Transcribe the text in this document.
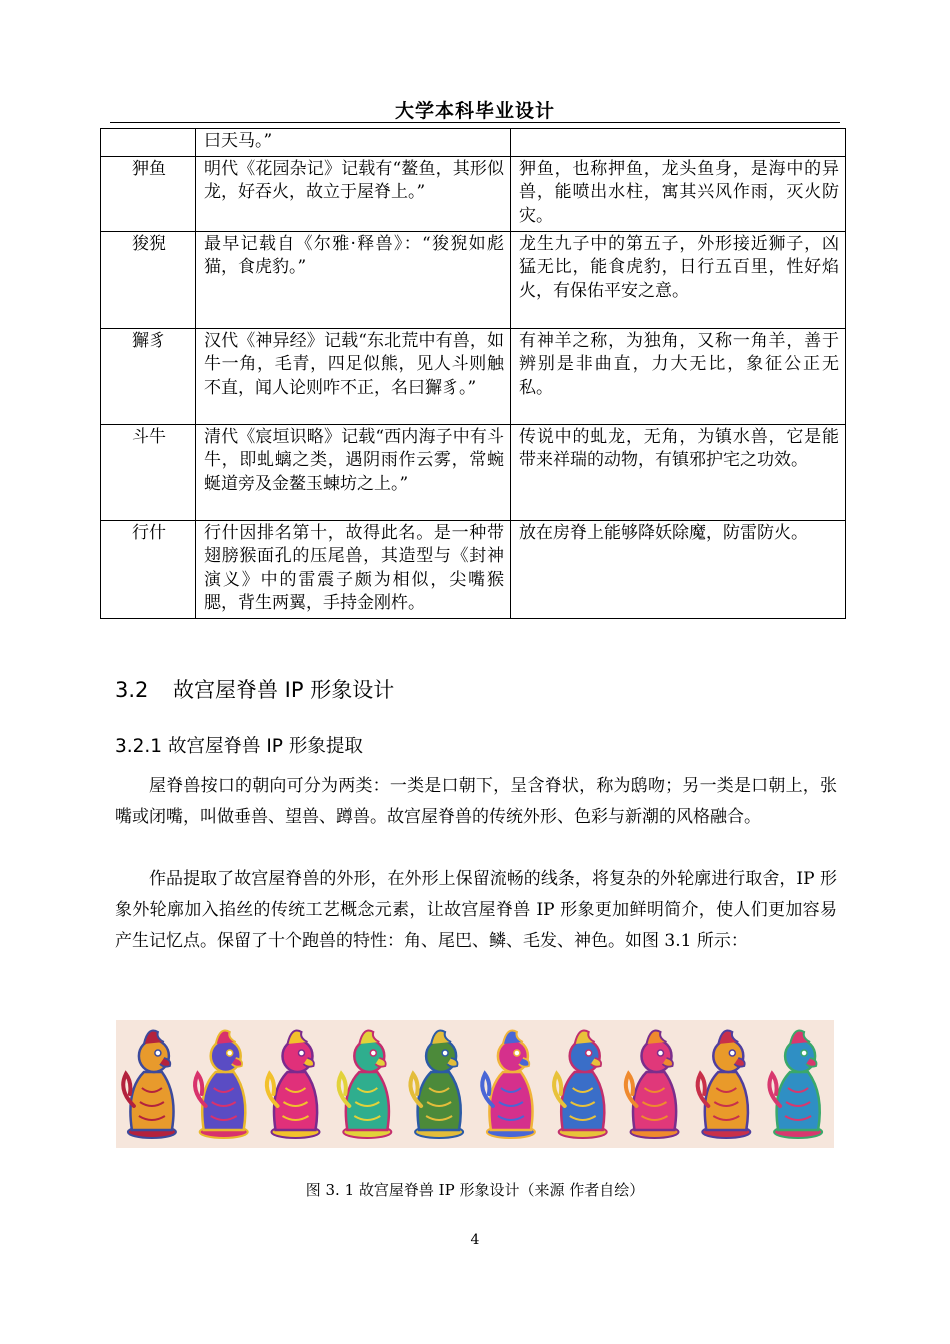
大学本科毕业设计
	曰天马。”	
狎鱼	明代《花园杂记》记载有“鳌鱼，其形似龙，好吞火，故立于屋脊上。”	狎鱼，也称押鱼，龙头鱼身，是海中的异兽，能喷出水柱，寓其兴风作雨，灭火防灾。
狻猊	最早记载自《尔雅·释兽》：“狻猊如彪猫，食虎豹。”	龙生九子中的第五子，外形接近狮子，凶猛无比，能食虎豹，日行五百里，性好焰火，有保佑平安之意。
獬豸	汉代《神异经》记载“东北荒中有兽，如牛一角，毛青，四足似熊，见人斗则触不直，闻人论则咋不正，名曰獬豸。”	有神羊之称，为独角，又称一角羊，善于辨别是非曲直，力大无比，象征公正无私。
斗牛	清代《宸垣识略》记载“西内海子中有斗牛，即虬螭之类，遇阴雨作云雾，常蜿蜒道旁及金鳌玉蝀坊之上。”	传说中的虬龙，无角，为镇水兽，它是能带来祥瑞的动物，有镇邪护宅之功效。
行什	行什因排名第十，故得此名。是一种带翅膀猴面孔的压尾兽，其造型与《封神演义》中的雷震子颇为相似，尖嘴猴腮，背生两翼，手持金刚杵。	放在房脊上能够降妖除魔，防雷防火。
3.2 故宫屋脊兽 IP 形象设计
3.2.1 故宫屋脊兽 IP 形象提取

屋脊兽按口的朝向可分为两类：一类是口朝下，呈含脊状，称为鸱吻；另一类是口朝上，张嘴或闭嘴，叫做垂兽、望兽、蹲兽。故宫屋脊兽的传统外形、色彩与新潮的风格融合。

作品提取了故宫屋脊兽的外形，在外形上保留流畅的线条，将复杂的外轮廓进行取舍，IP 形象外轮廓加入掐丝的传统工艺概念元素，让故宫屋脊兽 IP 形象更加鲜明简介，使人们更加容易产生记忆点。保留了十个跑兽的特性：角、尾巴、鳞、毛发、神色。如图 3.1 所示：

图 3. 1 故宫屋脊兽 IP 形象设计（来源 作者自绘）
4
